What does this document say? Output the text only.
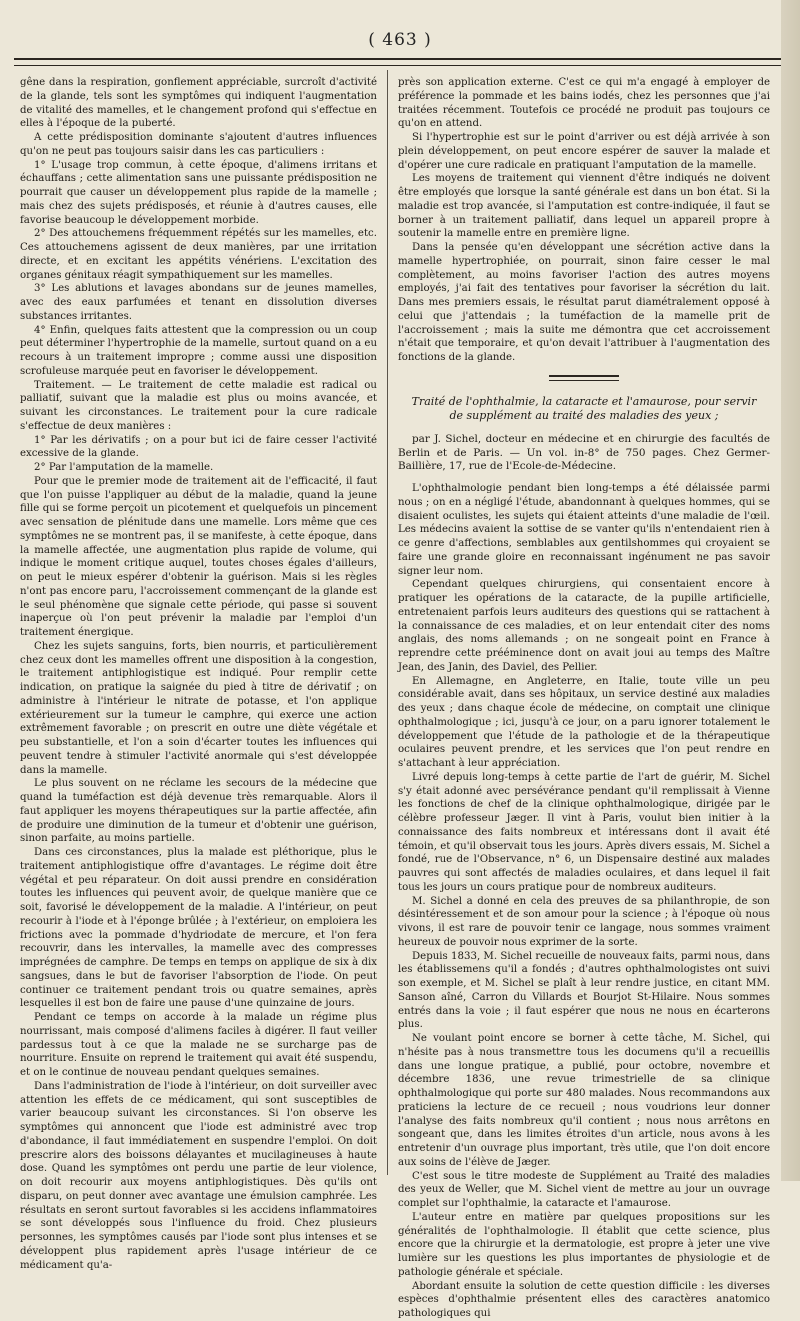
( 463 )

gêne dans la respiration, gonflement appréciable, surcroît d'activité de la glande, tels sont les symptômes qui indiquent l'augmentation de vitalité des mamelles, et le changement profond qui s'effectue en elles à l'époque de la puberté.

A cette prédisposition dominante s'ajoutent d'autres influences qu'on ne peut pas toujours saisir dans les cas particuliers :

1° L'usage trop commun, à cette époque, d'alimens irritans et échauffans ; cette alimentation sans une puissante prédisposition ne pourrait que causer un développement plus rapide de la mamelle ; mais chez des sujets prédisposés, et réunie à d'autres causes, elle favorise beaucoup le développement morbide.

2° Des attouchemens fréquemment répétés sur les mamelles, etc. Ces attouchemens agissent de deux manières, par une irritation directe, et en excitant les appétits vénériens. L'excitation des organes génitaux réagit sympathiquement sur les mamelles.

3° Les ablutions et lavages abondans sur de jeunes mamelles, avec des eaux parfumées et tenant en dissolution diverses substances irritantes.

4° Enfin, quelques faits attestent que la compression ou un coup peut déterminer l'hypertrophie de la mamelle, surtout quand on a eu recours à un traitement impropre ; comme aussi une disposition scrofuleuse marquée peut en favoriser le développement.

Traitement. — Le traitement de cette maladie est radical ou palliatif, suivant que la maladie est plus ou moins avancée, et suivant les circonstances. Le traitement pour la cure radicale s'effectue de deux manières :

1° Par les dérivatifs ; on a pour but ici de faire cesser l'activité excessive de la glande.

2° Par l'amputation de la mamelle.

Pour que le premier mode de traitement ait de l'efficacité, il faut que l'on puisse l'appliquer au début de la maladie, quand la jeune fille qui se forme perçoit un picotement et quelquefois un pincement avec sensation de plénitude dans une mamelle. Lors même que ces symptômes ne se montrent pas, il se manifeste, à cette époque, dans la mamelle affectée, une augmentation plus rapide de volume, qui indique le moment critique auquel, toutes choses égales d'ailleurs, on peut le mieux espérer d'obtenir la guérison. Mais si les règles n'ont pas encore paru, l'accroissement commençant de la glande est le seul phénomène que signale cette période, qui passe si souvent inaperçue où l'on peut prévenir la maladie par l'emploi d'un traitement énergique.

Chez les sujets sanguins, forts, bien nourris, et particulièrement chez ceux dont les mamelles offrent une disposition à la congestion, le traitement antiphlogistique est indiqué. Pour remplir cette indication, on pratique la saignée du pied à titre de dérivatif ; on administre à l'intérieur le nitrate de potasse, et l'on applique extérieurement sur la tumeur le camphre, qui exerce une action extrêmement favorable ; on prescrit en outre une diète végétale et peu substantielle, et l'on a soin d'écarter toutes les influences qui peuvent tendre à stimuler l'activité anormale qui s'est développée dans la mamelle.

Le plus souvent on ne réclame les secours de la médecine que quand la tuméfaction est déjà devenue très remarquable. Alors il faut appliquer les moyens thérapeutiques sur la partie affectée, afin de produire une diminution de la tumeur et d'obtenir une guérison, sinon parfaite, au moins partielle.

Dans ces circonstances, plus la malade est pléthorique, plus le traitement antiphlogistique offre d'avantages. Le régime doit être végétal et peu réparateur. On doit aussi prendre en considération toutes les influences qui peuvent avoir, de quelque manière que ce soit, favorisé le développement de la maladie. A l'intérieur, on peut recourir à l'iode et à l'éponge brûlée ; à l'extérieur, on emploiera les frictions avec la pommade d'hydriodate de mercure, et l'on fera recouvrir, dans les intervalles, la mamelle avec des compresses imprégnées de camphre. De temps en temps on applique de six à dix sangsues, dans le but de favoriser l'absorption de l'iode. On peut continuer ce traitement pendant trois ou quatre semaines, après lesquelles il est bon de faire une pause d'une quinzaine de jours.

Pendant ce temps on accorde à la malade un régime plus nourrissant, mais composé d'alimens faciles à digérer. Il faut veiller pardessus tout à ce que la malade ne se surcharge pas de nourriture. Ensuite on reprend le traitement qui avait été suspendu, et on le continue de nouveau pendant quelques semaines.

Dans l'administration de l'iode à l'intérieur, on doit surveiller avec attention les effets de ce médicament, qui sont susceptibles de varier beaucoup suivant les circonstances. Si l'on observe les symptômes qui annoncent que l'iode est administré avec trop d'abondance, il faut immédiatement en suspendre l'emploi. On doit prescrire alors des boissons délayantes et mucilagineuses à haute dose. Quand les symptômes ont perdu une partie de leur violence, on doit recourir aux moyens antiphlogistiques. Dès qu'ils ont disparu, on peut donner avec avantage une émulsion camphrée. Les résultats en seront surtout favorables si les accidens inflammatoires se sont développés sous l'influence du froid. Chez plusieurs personnes, les symptômes causés par l'iode sont plus intenses et se développent plus rapidement après l'usage intérieur de ce médicament qu'a-

près son application externe. C'est ce qui m'a engagé à employer de préférence la pommade et les bains iodés, chez les personnes que j'ai traitées récemment. Toutefois ce procédé ne produit pas toujours ce qu'on en attend.

Si l'hypertrophie est sur le point d'arriver ou est déjà arrivée à son plein développement, on peut encore espérer de sauver la malade et d'opérer une cure radicale en pratiquant l'amputation de la mamelle.

Les moyens de traitement qui viennent d'être indiqués ne doivent être employés que lorsque la santé générale est dans un bon état. Si la maladie est trop avancée, si l'amputation est contre-indiquée, il faut se borner à un traitement palliatif, dans lequel un appareil propre à soutenir la mamelle entre en première ligne.

Dans la pensée qu'en développant une sécrétion active dans la mamelle hypertrophiée, on pourrait, sinon faire cesser le mal complètement, au moins favoriser l'action des autres moyens employés, j'ai fait des tentatives pour favoriser la sécrétion du lait. Dans mes premiers essais, le résultat parut diamétralement opposé à celui que j'attendais ; la tuméfaction de la mamelle prit de l'accroissement ; mais la suite me démontra que cet accroissement n'était que temporaire, et qu'on devait l'attribuer à l'augmentation des fonctions de la glande.

Traité de l'ophthalmie, la cataracte et l'amaurose, pour servir de supplément au traité des maladies des yeux ;

par J. Sichel, docteur en médecine et en chirurgie des facultés de Berlin et de Paris. — Un vol. in-8° de 750 pages. Chez Germer-Baillière, 17, rue de l'Ecole-de-Médecine.

L'ophthalmologie pendant bien long-temps a été délaissée parmi nous ; on en a négligé l'étude, abandonnant à quelques hommes, qui se disaient oculistes, les sujets qui étaient atteints d'une maladie de l'œil. Les médecins avaient la sottise de se vanter qu'ils n'entendaient rien à ce genre d'affections, semblables aux gentilshommes qui croyaient se faire une grande gloire en reconnaissant ingénument ne pas savoir signer leur nom.

Cependant quelques chirurgiens, qui consentaient encore à pratiquer les opérations de la cataracte, de la pupille artificielle, entretenaient parfois leurs auditeurs des questions qui se rattachent à la connaissance de ces maladies, et on leur entendait citer des noms anglais, des noms allemands ; on ne songeait point en France à reprendre cette prééminence dont on avait joui au temps des Maître Jean, des Janin, des Daviel, des Pellier.

En Allemagne, en Angleterre, en Italie, toute ville un peu considérable avait, dans ses hôpitaux, un service destiné aux maladies des yeux ; dans chaque école de médecine, on comptait une clinique ophthalmologique ; ici, jusqu'à ce jour, on a paru ignorer totalement le développement que l'étude de la pathologie et de la thérapeutique oculaires peuvent prendre, et les services que l'on peut rendre en s'attachant à leur appréciation.

Livré depuis long-temps à cette partie de l'art de guérir, M. Sichel s'y était adonné avec persévérance pendant qu'il remplissait à Vienne les fonctions de chef de la clinique ophthalmologique, dirigée par le célèbre professeur Jæger. Il vint à Paris, voulut bien initier à la connaissance des faits nombreux et intéressans dont il avait été témoin, et qu'il observait tous les jours. Après divers essais, M. Sichel a fondé, rue de l'Observance, n° 6, un Dispensaire destiné aux malades pauvres qui sont affectés de maladies oculaires, et dans lequel il fait tous les jours un cours pratique pour de nombreux auditeurs.

M. Sichel a donné en cela des preuves de sa philanthropie, de son désintéressement et de son amour pour la science ; à l'époque où nous vivons, il est rare de pouvoir tenir ce langage, nous sommes vraiment heureux de pouvoir nous exprimer de la sorte.

Depuis 1833, M. Sichel recueille de nouveaux faits, parmi nous, dans les établissemens qu'il a fondés ; d'autres ophthalmologistes ont suivi son exemple, et M. Sichel se plaît à leur rendre justice, en citant MM. Sanson aîné, Carron du Villards et Bourjot St-Hilaire. Nous sommes entrés dans la voie ; il faut espérer que nous ne nous en écarterons plus.

Ne voulant point encore se borner à cette tâche, M. Sichel, qui n'hésite pas à nous transmettre tous les documens qu'il a recueillis dans une longue pratique, a publié, pour octobre, novembre et décembre 1836, une revue trimestrielle de sa clinique ophthalmologique qui porte sur 480 malades. Nous recommandons aux praticiens la lecture de ce recueil ; nous voudrions leur donner l'analyse des faits nombreux qu'il contient ; nous nous arrêtons en songeant que, dans les limites étroites d'un article, nous avons à les entretenir d'un ouvrage plus important, très utile, que l'on doit encore aux soins de l'élève de Jæger.

C'est sous le titre modeste de Supplément au Traité des maladies des yeux de Weller, que M. Sichel vient de mettre au jour un ouvrage complet sur l'ophthalmie, la cataracte et l'amaurose.

L'auteur entre en matière par quelques propositions sur les généralités de l'ophthalmologie. Il établit que cette science, plus encore que la chirurgie et la dermatologie, est propre à jeter une vive lumière sur les questions les plus importantes de physiologie et de pathologie générale et spéciale.

Abordant ensuite la solution de cette question difficile : les diverses espèces d'ophthalmie présentent elles des caractères anatomico pathologiques qui
